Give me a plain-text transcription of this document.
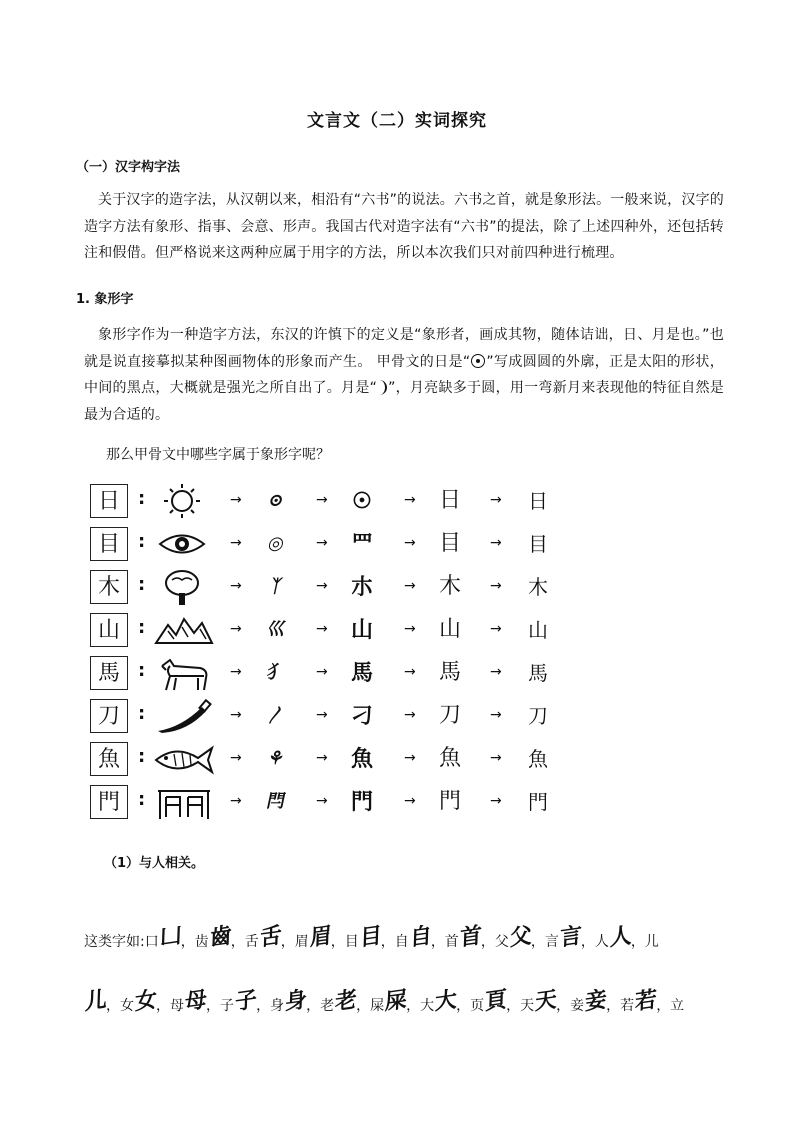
文言文（二）实词探究
（一）汉字构字法
关于汉字的造字法，从汉朝以来，相沿有“六书”的说法。六书之首，就是象形法。一般来说，汉字的造字方法有象形、指事、会意、形声。我国古代对造字法有“六书”的提法，除了上述四种外，还包括转注和假借。但严格说来这两种应属于用字的方法，所以本次我们只对前四种进行梳理。
1. 象形字
象形字作为一种造字方法，东汉的许慎下的定义是“象形者，画成其物，随体诘诎，日、月是也。”也就是说直接摹拟某种图画物体的形象而产生。 甲骨文的日是“ ”写成圆圆的外廓，正是太阳的形状，中间的黑点，大概就是强光之所自出了。月是“ ”，月亮缺多于圆，用一弯新月来表现他的特征自然是最为合适的。
那么甲骨文中哪些字属于象形字呢？
日	:	→	⊙	→	☉	→	日	→	日
目	:	→	◎	→	罒	→	目	→	目
木	:	→	ᛉ	→	朩	→	木	→	木
山	:	→	巛	→	山	→	山	→	山
馬	:	→	犭	→	馬	→	馬	→	馬
刀	:	→	〳	→	刁	→	刀	→	刀
魚	:	→	⚘	→	魚	→	魚	→	魚
門	:	→	閂	→	門	→	門	→	門
（1）与人相关。
这类字如:口凵，齿齒，舌舌，眉眉，目目，自自，首首，父父，言言，人人，儿
儿，女女，母母，子子，身身，老老，屎屎，大大，页頁，天天，妾妾，若若，立
